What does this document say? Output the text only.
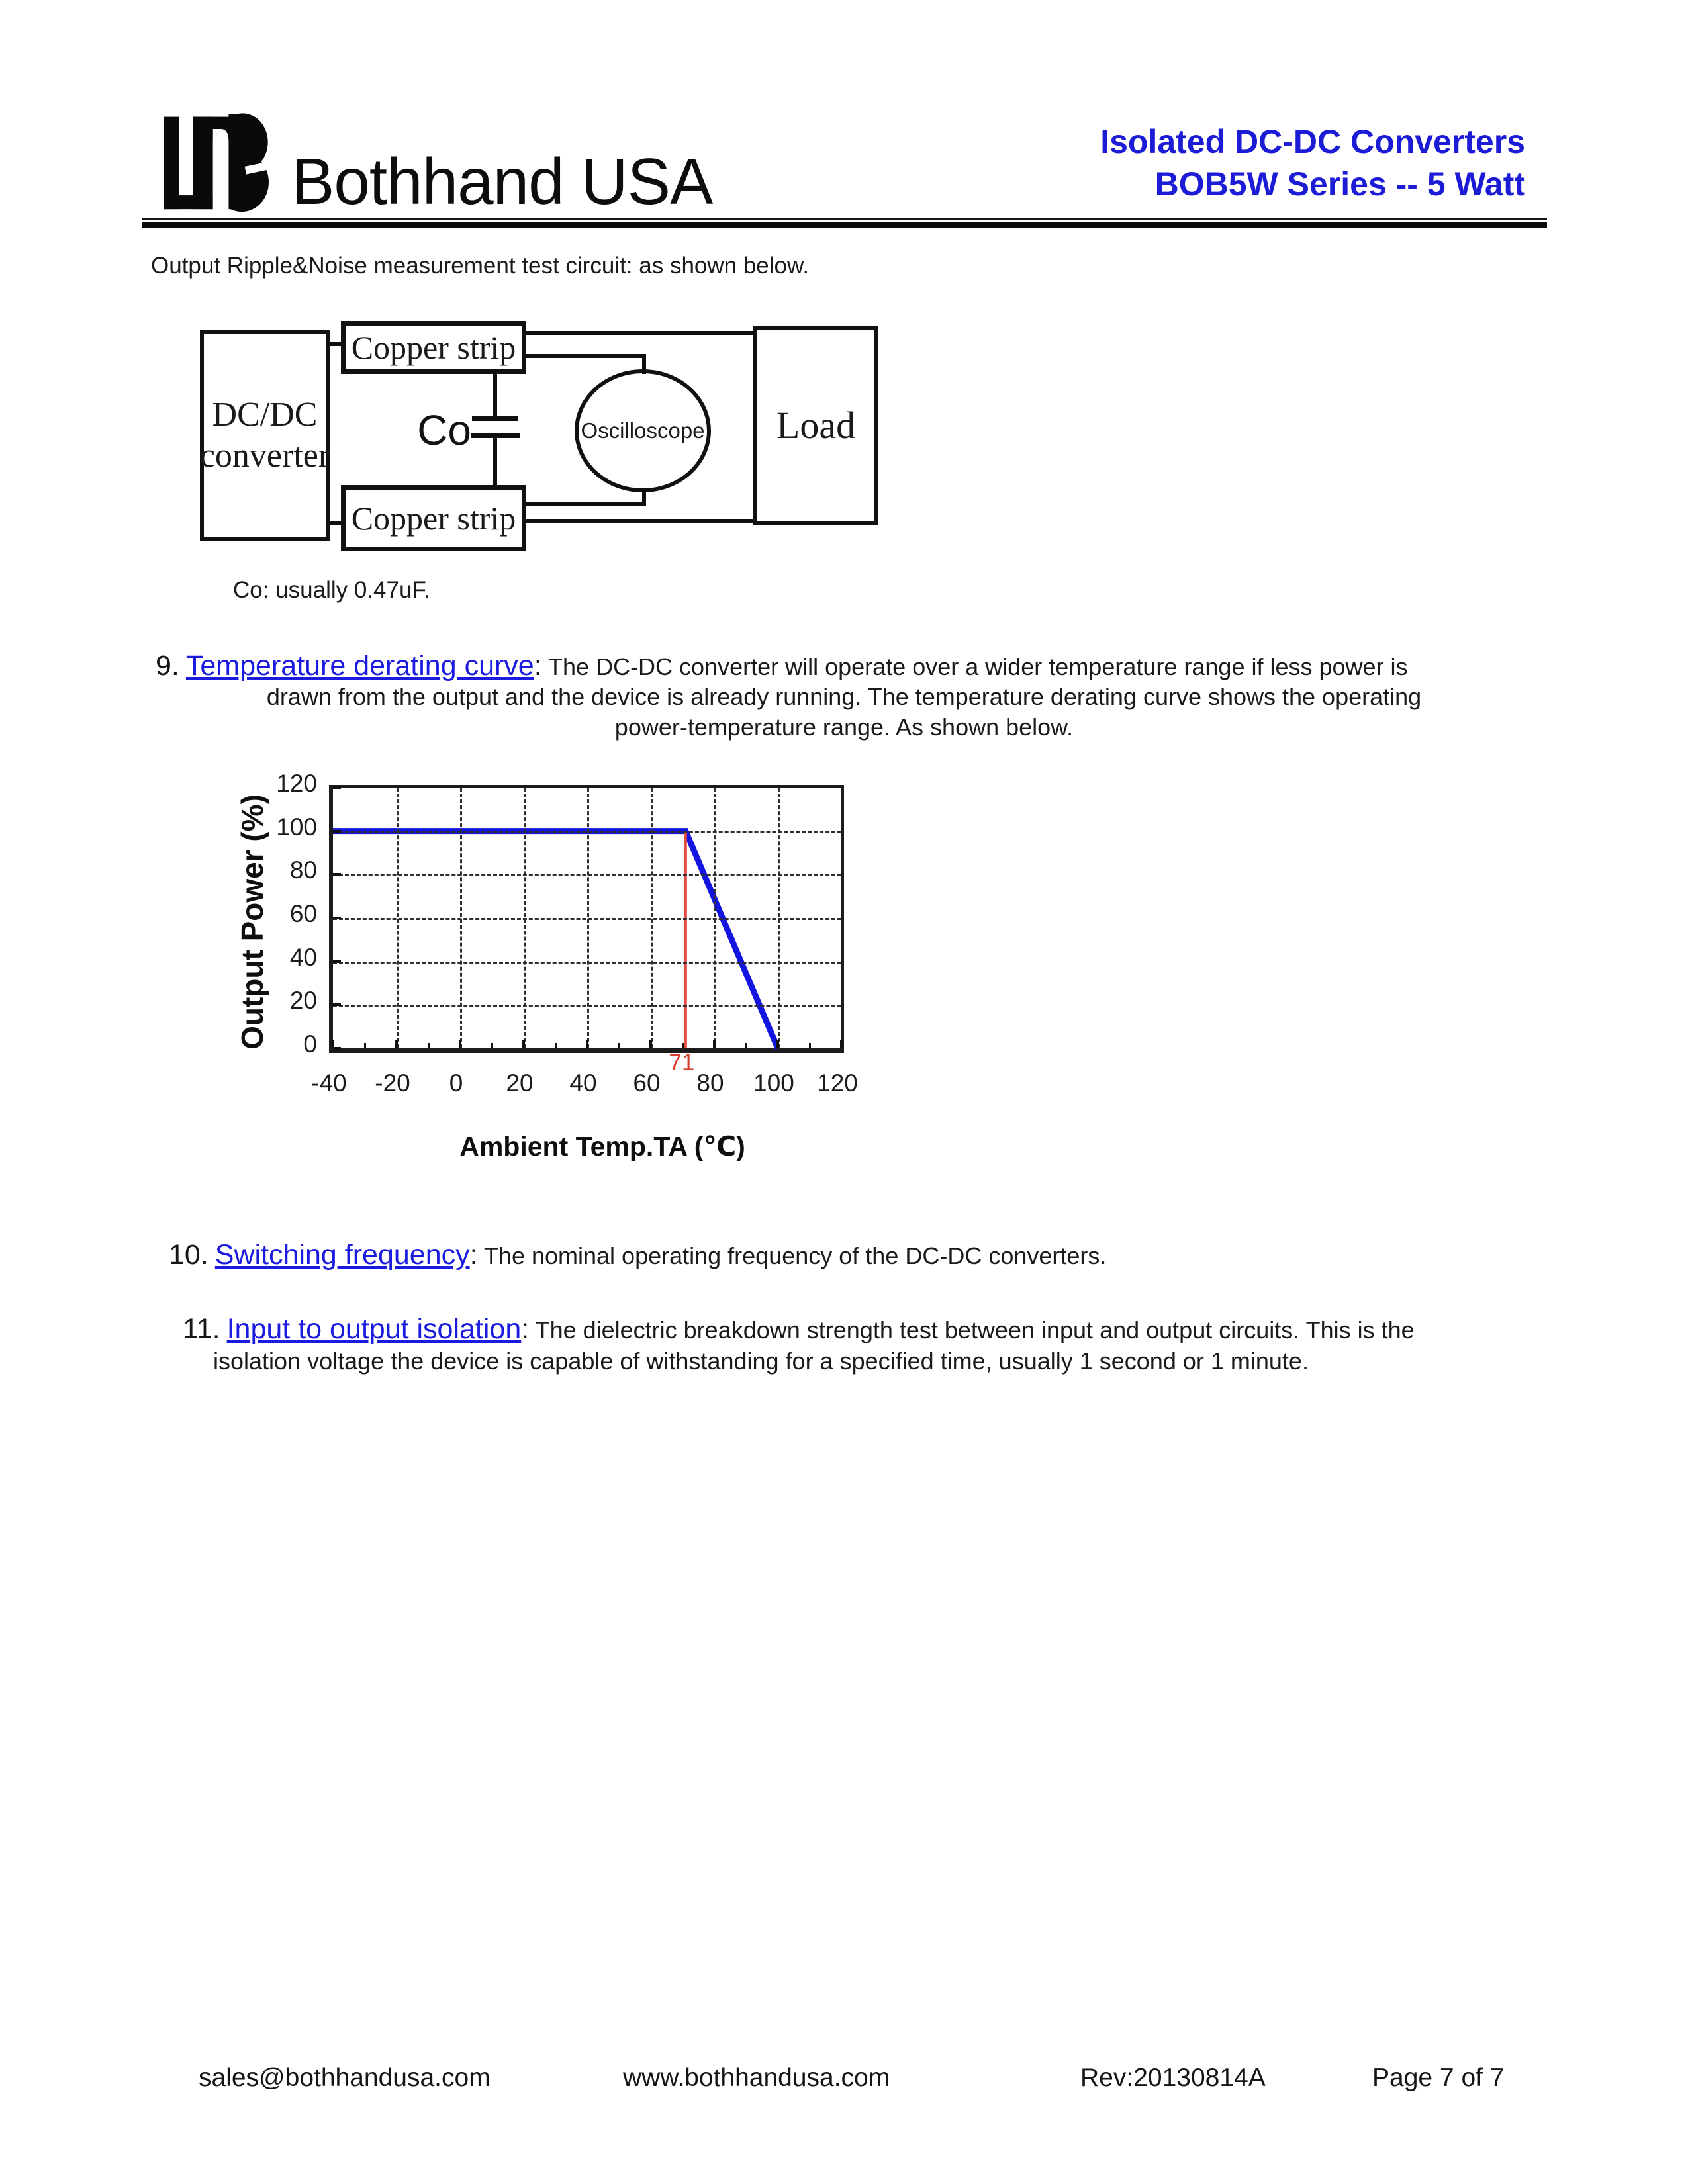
Bothhand USA
Isolated DC-DC Converters
BOB5W Series -- 5 Watt
Output Ripple&Noise measurement test circuit: as shown below.
DC/DC
converter
Copper strip
Copper strip
Load
Oscilloscope
Co
Co: usually 0.47uF.
9. Temperature derating curve: The DC-DC converter will operate over a wider temperature range if less power is
drawn from the output and the device is already running. The temperature derating curve shows the operating
power-temperature range. As shown below.
Output Power (%)
-40	-20	0	20	40	60	80	100 120
0
20
40
60
80
100
120
71
Ambient Temp.TA (℃)
10. Switching frequency: The nominal operating frequency of the DC-DC converters.
11. Input to output isolation: The dielectric breakdown strength test between input and output circuits. This is the
isolation voltage the device is capable of withstanding for a specified time, usually 1 second or 1 minute.
sales@bothhandusa.com	www.bothhandusa.com	Rev:20130814A	Page 7 of 7
